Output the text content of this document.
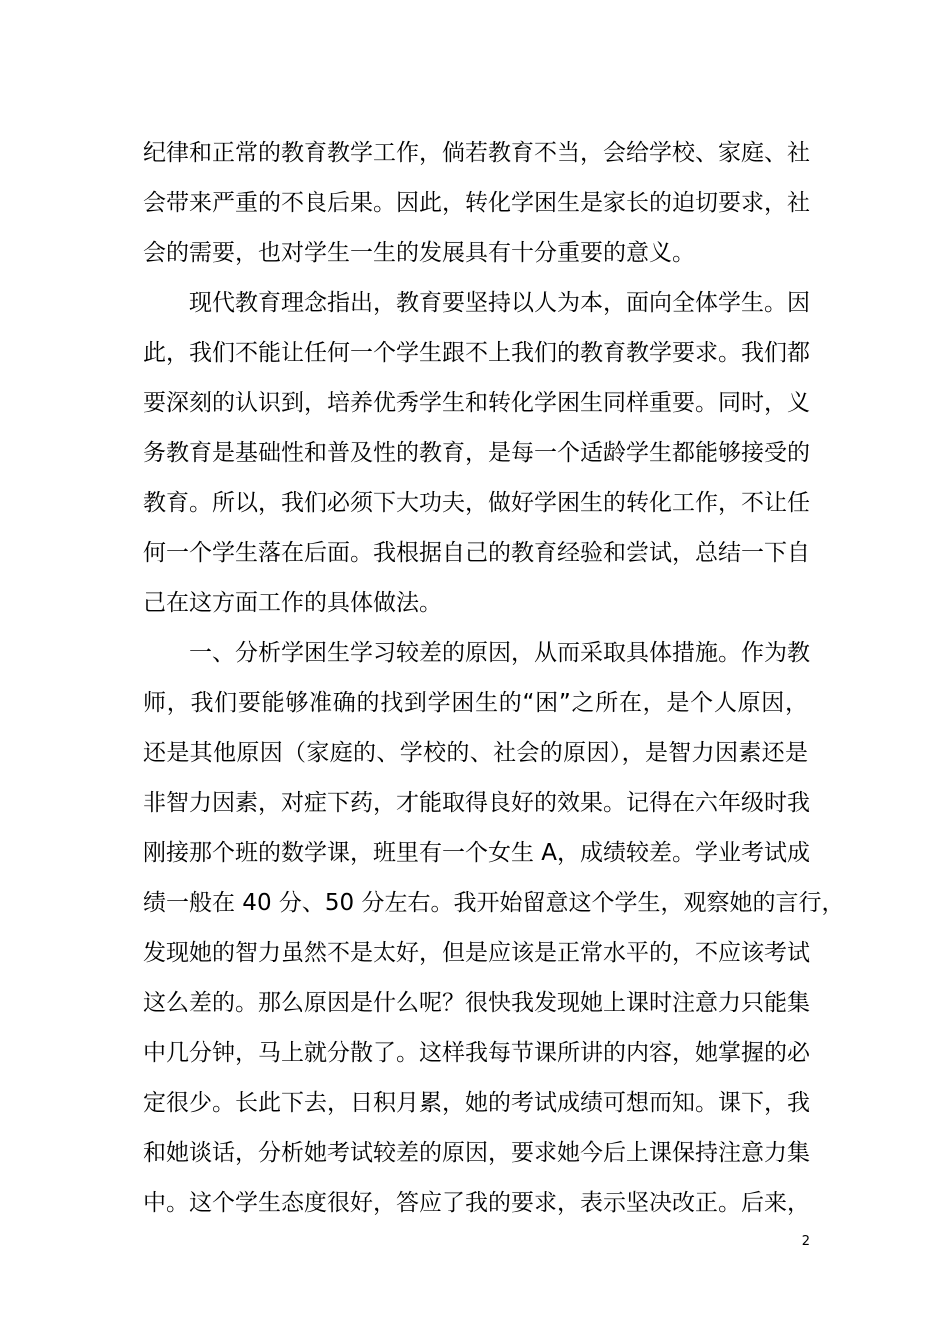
纪律和正常的教育教学工作，倘若教育不当，会给学校、家庭、社
会带来严重的不良后果。因此，转化学困生是家长的迫切要求，社
会的需要，也对学生一生的发展具有十分重要的意义。
　　现代教育理念指出，教育要坚持以人为本，面向全体学生。因
此，我们不能让任何一个学生跟不上我们的教育教学要求。我们都
要深刻的认识到，培养优秀学生和转化学困生同样重要。同时，义
务教育是基础性和普及性的教育，是每一个适龄学生都能够接受的
教育。所以，我们必须下大功夫，做好学困生的转化工作，不让任
何一个学生落在后面。我根据自己的教育经验和尝试，总结一下自
己在这方面工作的具体做法。
　　一、分析学困生学习较差的原因，从而采取具体措施。作为教
师，我们要能够准确的找到学困生的“困”之所在，是个人原因，
还是其他原因（家庭的、学校的、社会的原因），是智力因素还是
非智力因素，对症下药，才能取得良好的效果。记得在六年级时我
刚接那个班的数学课，班里有一个女生 A，成绩较差。学业考试成
绩一般在 40 分、50 分左右。我开始留意这个学生，观察她的言行，
发现她的智力虽然不是太好，但是应该是正常水平的，不应该考试
这么差的。那么原因是什么呢？很快我发现她上课时注意力只能集
中几分钟，马上就分散了。这样我每节课所讲的内容，她掌握的必
定很少。长此下去，日积月累，她的考试成绩可想而知。课下，我
和她谈话，分析她考试较差的原因，要求她今后上课保持注意力集
中。这个学生态度很好，答应了我的要求，表示坚决改正。后来，
2
